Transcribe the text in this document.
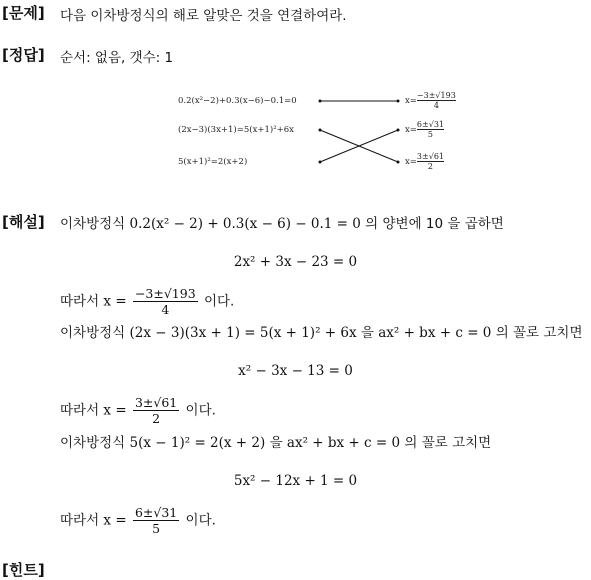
[문제] 다음 이차방정식의 해로 알맞은 것을 연결하여라.
[정답] 순서: 없음, 갯수: 1
0.2(x²−2)+0.3(x−6)−0.1=0
(2x−3)(3x+1)=5(x+1)²+6x
5(x+1)²=2(x+2)
$x= \frac{-3\pm√193}{4}$
$x= \frac{6\pm√31}{5}$
$x= \frac{3\pm√61}{2}$
[해설] 이차방정식 0.2(x² − 2) + 0.3(x − 6) − 0.1 = 0 의 양변에 10 을 곱하면
2x² + 3x − 23 = 0
따라서 $x = \frac{-3\pm√193}{4}$ 이다.
이차방정식 (2x − 3)(3x + 1) = 5(x + 1)² + 6x 을 ax² + bx + c = 0 의 꼴로 고치면
x² − 3x − 13 = 0
따라서 $x = \frac{3\pm√61}{2}$ 이다.
이차방정식 5(x − 1)² = 2(x + 2) 을 ax² + bx + c = 0 의 꼴로 고치면
5x² − 12x + 1 = 0
따라서 $x = \frac{6\pm√31}{5}$ 이다.
[힌트]
